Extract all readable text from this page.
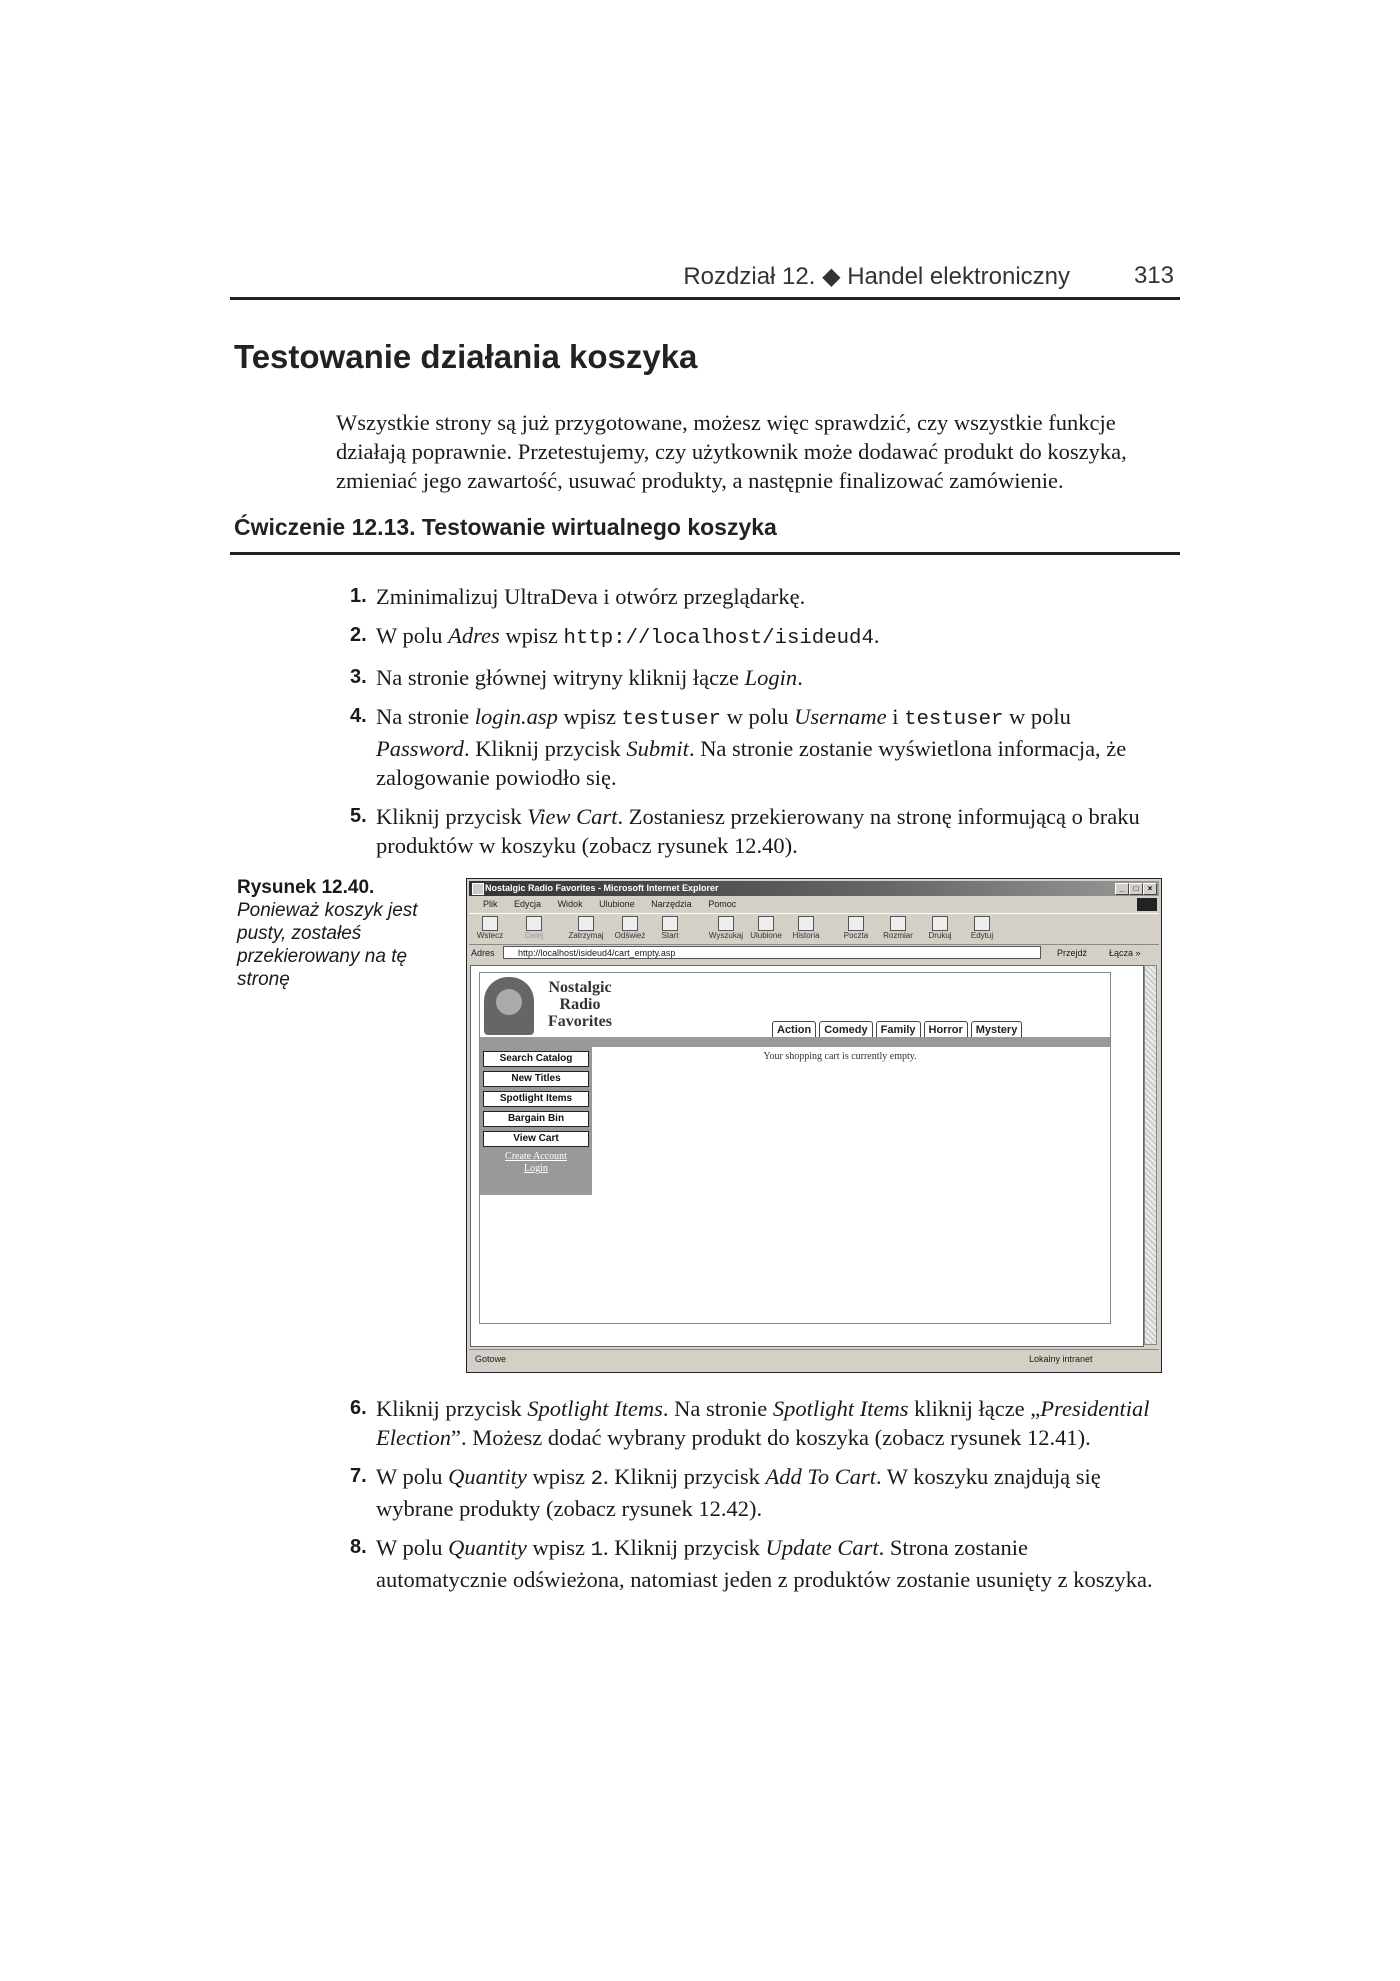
Rozdział 12. ◆ Handel elektroniczny	313
Testowanie działania koszyka

Wszystkie strony są już przygotowane, możesz więc sprawdzić, czy wszystkie funkcje działają poprawnie. Przetestujemy, czy użytkownik może dodawać produkt do koszyka, zmieniać jego zawartość, usuwać produkty, a następnie finalizować zamówienie.

Ćwiczenie 12.13. Testowanie wirtualnego koszyka
1. Zminimalizuj UltraDeva i otwórz przeglądarkę.
2. W polu Adres wpisz http://localhost/isideud4.
3. Na stronie głównej witryny kliknij łącze Login.
4. Na stronie login.asp wpisz testuser w polu Username i testuser w polu Password. Kliknij przycisk Submit. Na stronie zostanie wyświetlona informacja, że zalogowanie powiodło się.
5. Kliknij przycisk View Cart. Zostaniesz przekierowany na stronę informującą o braku produktów w koszyku (zobacz rysunek 12.40).
Rysunek 12.40.
Ponieważ koszyk jest pusty, zostałeś przekierowany na tę stronę
Nostalgic Radio Favorites - Microsoft Internet Explorer	_	□	×
Plik Edycja Widok Ulubione Narzędzia Pomoc
Wstecz	Dalej	Zatrzymaj	Odśwież	Start	Wyszukaj Ulubione	Historia	Poczta	Rozmiar	Drukuj	Edytuj
Adres	http://localhost/isideud4/cart_empty.asp	Przejdź Łącza »
Nostalgic
Radio
Favorites	Action	Comedy	Family	Horror	Mystery
Search Catalog
New Titles
Spotlight Items
Bargain Bin
View Cart
Create Account
Login
Your shopping cart is currently empty.
Gotowe	Lokalny intranet
6. Kliknij przycisk Spotlight Items. Na stronie Spotlight Items kliknij łącze „Presidential Election”. Możesz dodać wybrany produkt do koszyka (zobacz rysunek 12.41).
7. W polu Quantity wpisz 2. Kliknij przycisk Add To Cart. W koszyku znajdują się wybrane produkty (zobacz rysunek 12.42).
8. W polu Quantity wpisz 1. Kliknij przycisk Update Cart. Strona zostanie automatycznie odświeżona, natomiast jeden z produktów zostanie usunięty z koszyka.
